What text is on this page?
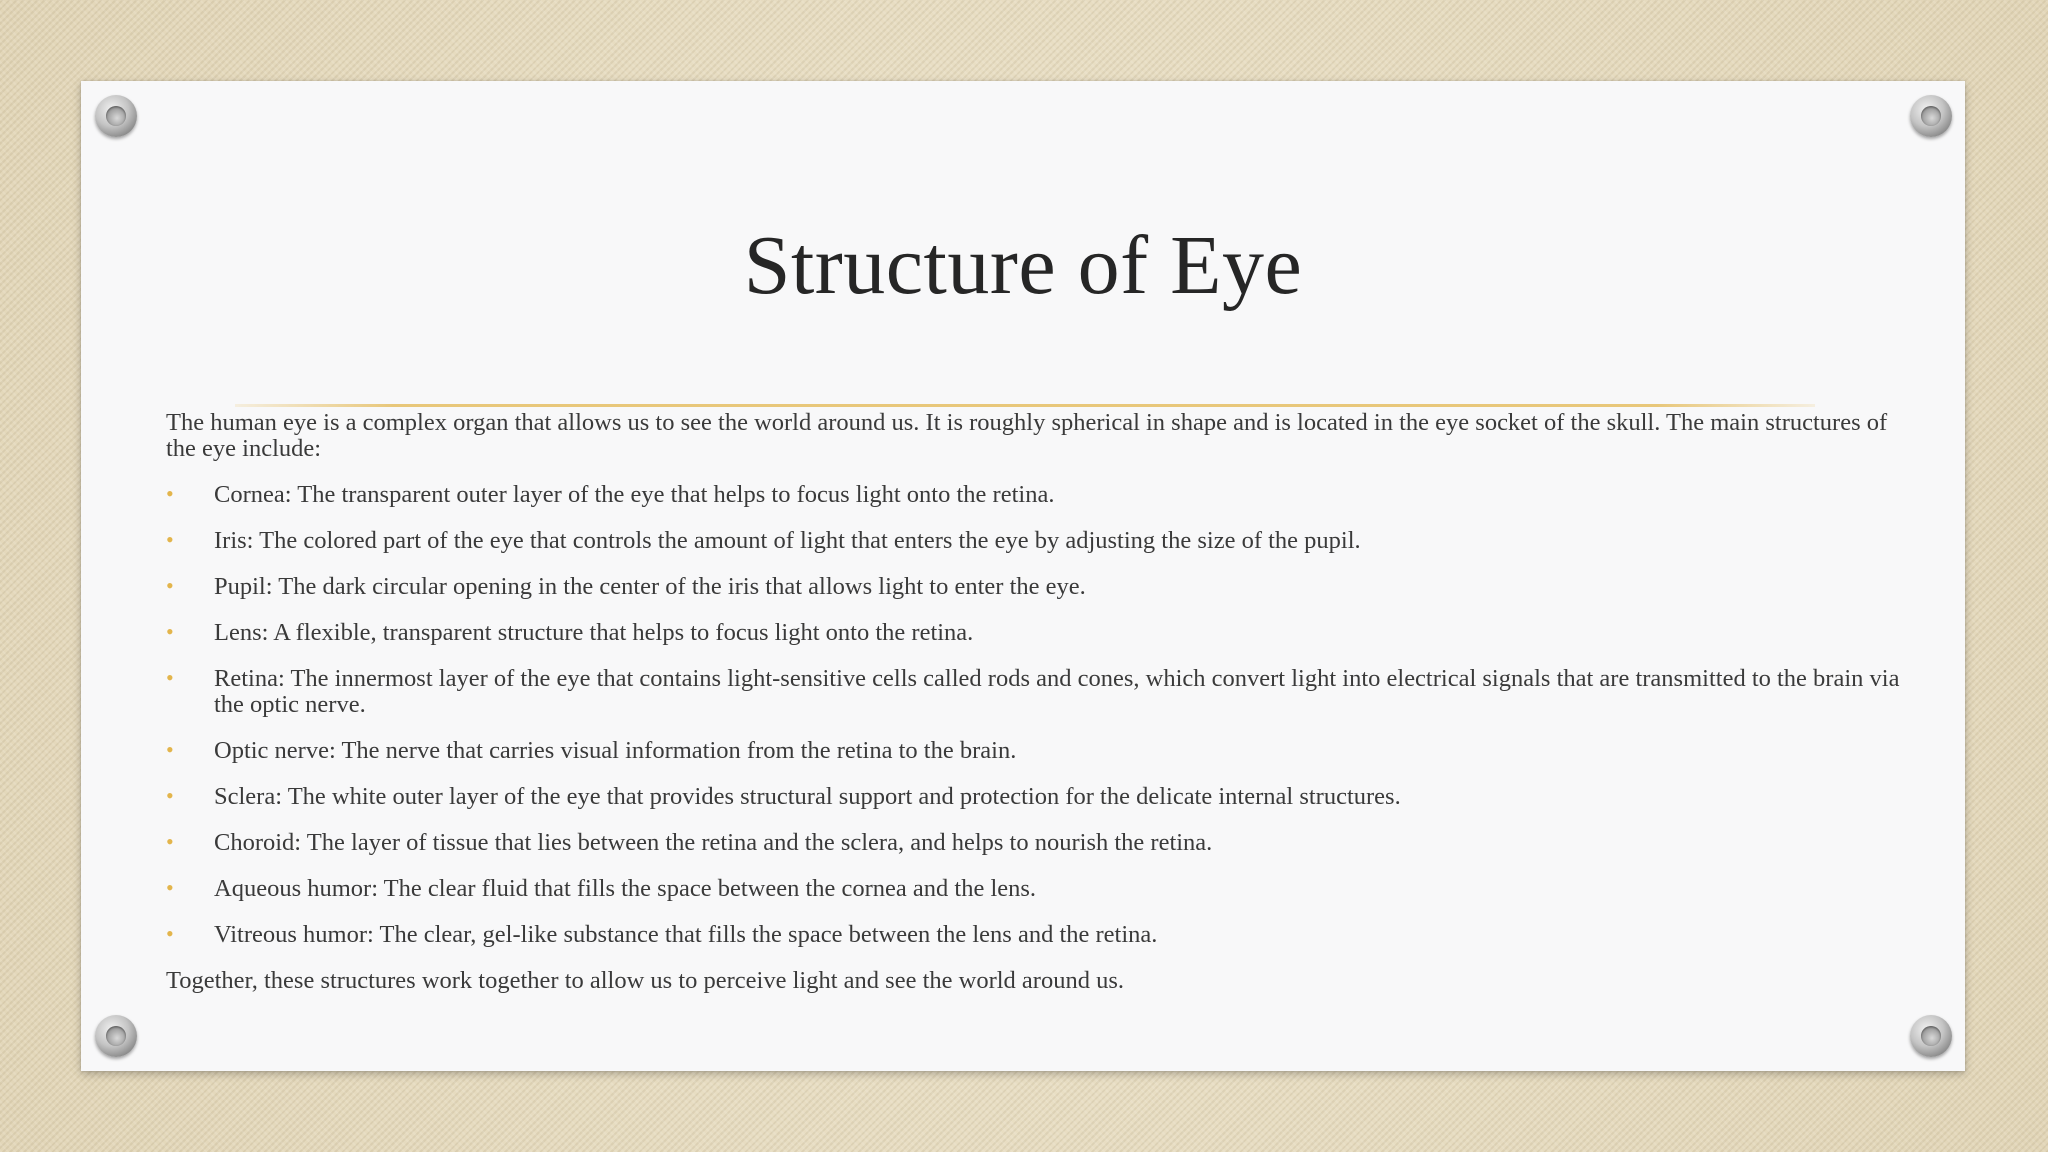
Structure of Eye

The human eye is a complex organ that allows us to see the world around us. It is roughly spherical in shape and is located in the eye socket of the skull. The main structures of the eye include:

• Cornea: The transparent outer layer of the eye that helps to focus light onto the retina.
• Iris: The colored part of the eye that controls the amount of light that enters the eye by adjusting the size of the pupil.
• Pupil: The dark circular opening in the center of the iris that allows light to enter the eye.
• Lens: A flexible, transparent structure that helps to focus light onto the retina.
• Retina: The innermost layer of the eye that contains light-sensitive cells called rods and cones, which convert light into electrical signals that are transmitted to the brain via the optic nerve.
• Optic nerve: The nerve that carries visual information from the retina to the brain.
• Sclera: The white outer layer of the eye that provides structural support and protection for the delicate internal structures.
• Choroid: The layer of tissue that lies between the retina and the sclera, and helps to nourish the retina.
• Aqueous humor: The clear fluid that fills the space between the cornea and the lens.
• Vitreous humor: The clear, gel-like substance that fills the space between the lens and the retina.

Together, these structures work together to allow us to perceive light and see the world around us.
